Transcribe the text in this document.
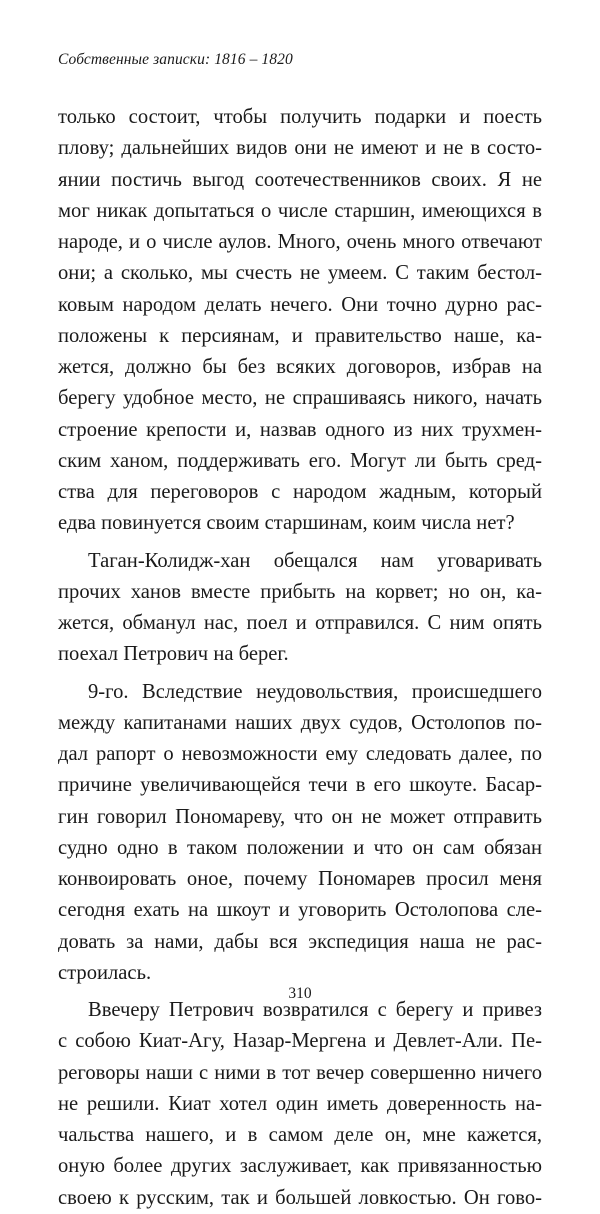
Собственные записки: 1816 – 1820
только состоит, чтобы получить подарки и поесть
плову; дальнейших видов они не имеют и не в состо-
янии постичь выгод соотечественников своих. Я не
мог никак допытаться о числе старшин, имеющихся в
народе, и о числе аулов. Много, очень много отвечают
они; а сколько, мы счесть не умеем. С таким бестол-
ковым народом делать нечего. Они точно дурно рас-
положены к персиянам, и правительство наше, ка-
жется, должно бы без всяких договоров, избрав на
берегу удобное место, не спрашиваясь никого, начать
строение крепости и, назвав одного из них трухмен-
ским ханом, поддерживать его. Могут ли быть сред-
ства для переговоров с народом жадным, который
едва повинуется своим старшинам, коим числа нет?
Таган-Колидж-хан обещался нам уговаривать
прочих ханов вместе прибыть на корвет; но он, ка-
жется, обманул нас, поел и отправился. С ним опять
поехал Петрович на берег.
9-го. Вследствие неудовольствия, происшедшего
между капитанами наших двух судов, Остолопов по-
дал рапорт о невозможности ему следовать далее, по
причине увеличивающейся течи в его шкоуте. Басар-
гин говорил Пономареву, что он не может отправить
судно одно в таком положении и что он сам обязан
конвоировать оное, почему Пономарев просил меня
сегодня ехать на шкоут и уговорить Остолопова сле-
довать за нами, дабы вся экспедиция наша не рас-
строилась.
Ввечеру Петрович возвратился с берегу и привез
с собою Киат-Агу, Назар-Мергена и Девлет-Али. Пе-
реговоры наши с ними в тот вечер совершенно ничего
не решили. Киат хотел один иметь доверенность на-
чальства нашего, и в самом деле он, мне кажется,
оную более других заслуживает, как привязанностью
своею к русским, так и большей ловкостью. Он гово-
310
